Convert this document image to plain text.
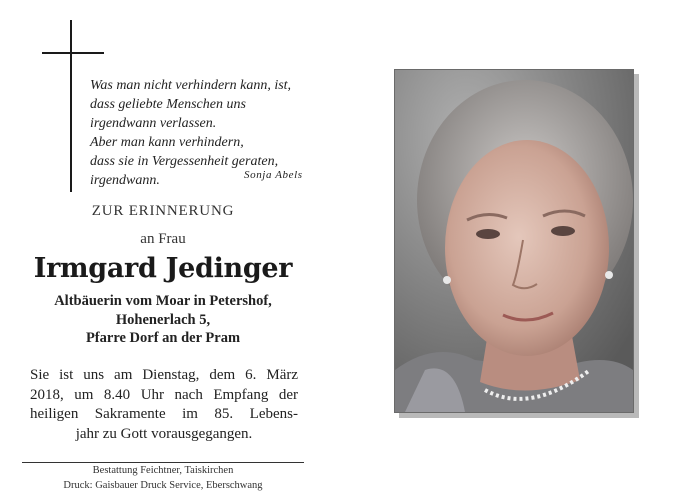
Was man nicht verhindern kann, ist,
dass geliebte Menschen uns
irgendwann verlassen.
Aber man kann verhindern,
dass sie in Vergessenheit geraten,
irgendwann.	Sonja Abels
ZUR ERINNERUNG
an Frau
Irmgard Jedinger
Altbäuerin vom Moar in Petershof,
Hohenerlach 5,
Pfarre Dorf an der Pram
Sie ist uns am Dienstag, dem 6. März
2018, um 8.40 Uhr nach Empfang der
heiligen Sakramente im 85. Lebens-
jahr zu Gott vorausgegangen.
Bestattung Feichtner, Taiskirchen
Druck: Gaisbauer Druck Service, Eberschwang
